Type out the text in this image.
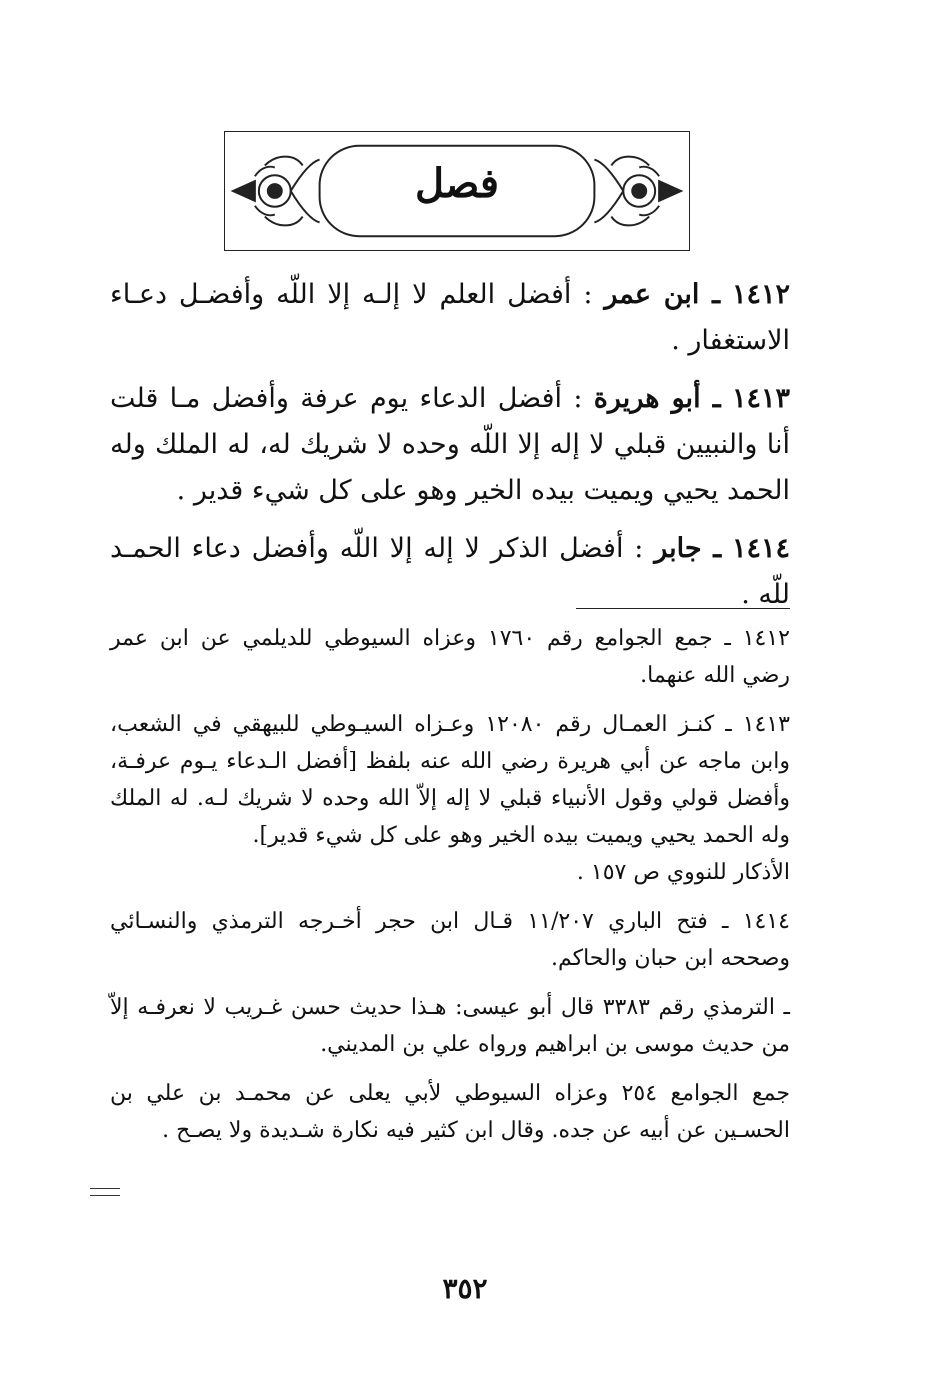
فصل

١٤١٢ ـ ابن عمر : أفضل العلم لا إلـه إلا اللّه وأفضـل دعـاء الاستغفار .

١٤١٣ ـ أبو هريرة : أفضل الدعاء يوم عرفة وأفضل مـا قلت أنا والنبيين قبلي لا إله إلا اللّه وحده لا شريك له، له الملك وله الحمد يحيي ويميت بيده الخير وهو على كل شيء قدير .

١٤١٤ ـ جابر : أفضل الذكر لا إله إلا اللّه وأفضل دعاء الحمـد للّه .

١٤١٢ ـ جمع الجوامع رقم ١٧٦٠ وعزاه السيوطي للديلمي عن ابن عمر رضي الله عنهما.

١٤١٣ ـ كنـز العمـال رقم ١٢٠٨٠ وعـزاه السيـوطي للبيهقي في الشعب، وابن ماجه عن أبي هريرة رضي الله عنه بلفظ [أفضل الـدعاء يـوم عرفـة، وأفضل قولي وقول الأنبياء قبلي لا إله إلاّ الله وحده لا شريك لـه. له الملك وله الحمد يحيي ويميت بيده الخير وهو على كل شيء قدير].

الأذكار للنووي ص ١٥٧ .

١٤١٤ ـ فتح الباري ١١/٢٠٧ قـال ابن حجر أخـرجه الترمذي والنسـائي وصححه ابن حبان والحاكم.

ـ الترمذي رقم ٣٣٨٣ قال أبو عيسى: هـذا حديث حسن غـريب لا نعرفـه إلاّ من حديث موسى بن ابراهيم ورواه علي بن المديني.

جمع الجوامع ٢٥٤ وعزاه السيوطي لأبي يعلى عن محمـد بن علي بن الحسـين عن أبيه عن جده. وقال ابن كثير فيه نكارة شـديدة ولا يصـح .

٣٥٢
